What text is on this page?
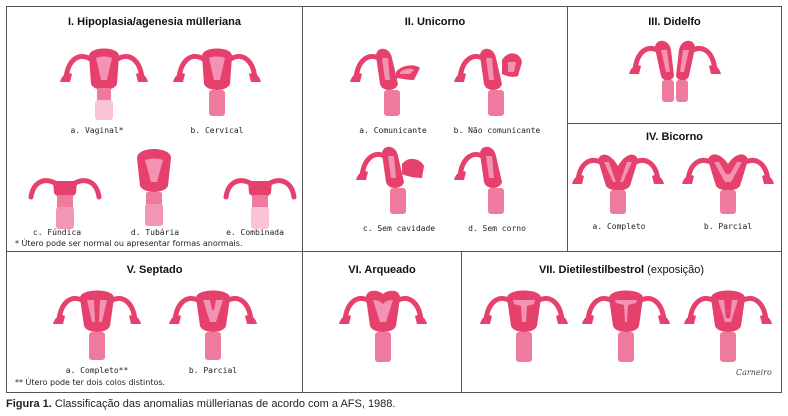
I. Hipoplasia/agenesia mülleriana
a. Vaginal*	b. Cervical
c. Fúndica	d. Tubária	e. Combinada
* Útero pode ser normal ou apresentar formas anormais.
II. Unicorno
a. Comunicante	b. Não comunicante
c. Sem cavidade	d. Sem corno
III. Didelfo
IV. Bicorno
a. Completo	b. Parcial
V. Septado
a. Completo**	b. Parcial
** Útero pode ter dois colos distintos.
VI. Arqueado	VII. Dietilestilbestrol (exposição)
Carneiro
Figura 1. Classificação das anomalias müllerianas de acordo com a AFS, 1988.
